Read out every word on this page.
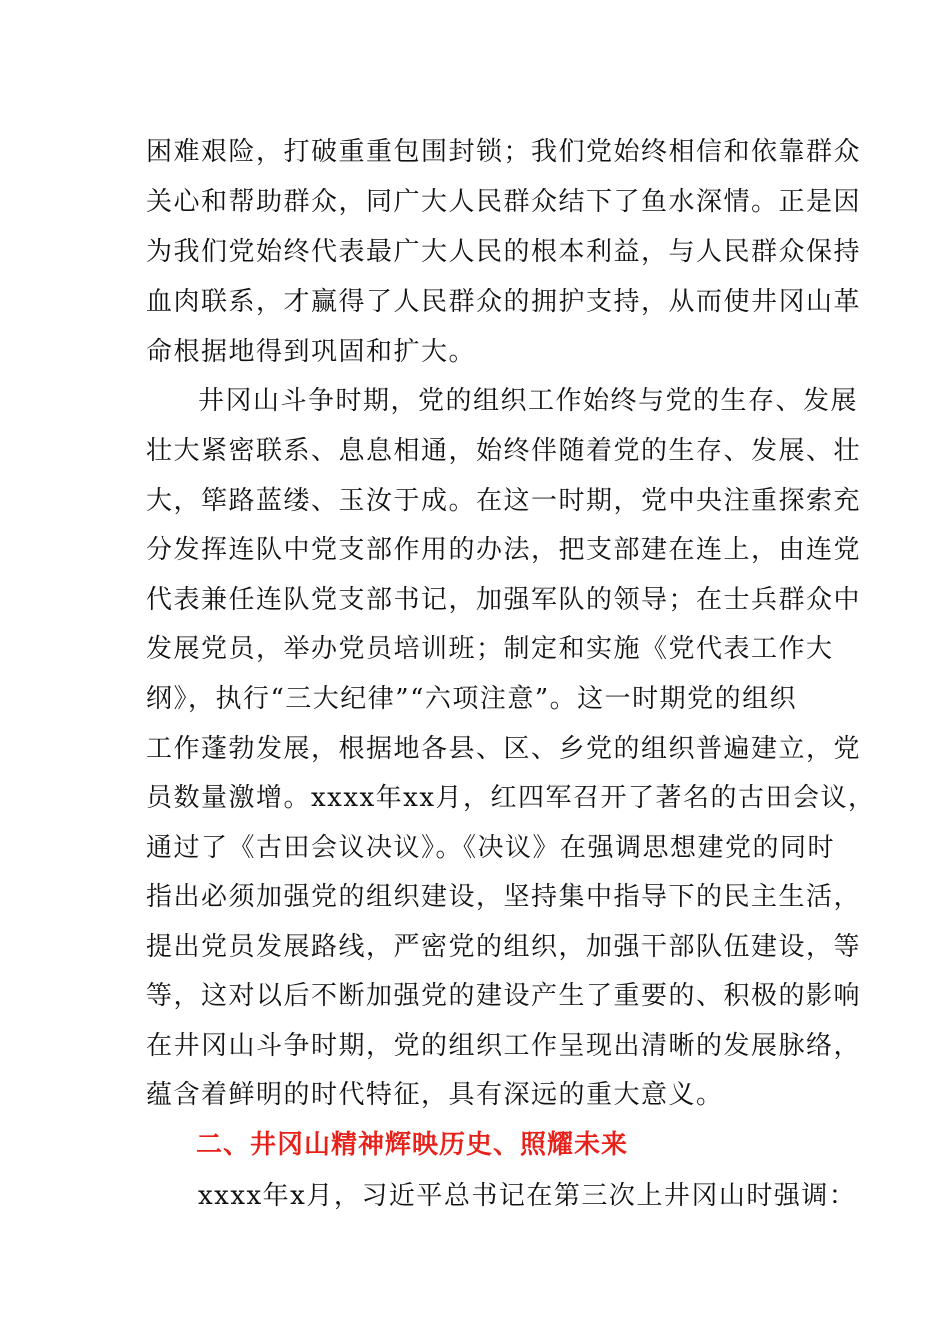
困难艰险，打破重重包围封锁；我们党始终相信和依靠群众
关心和帮助群众，同广大人民群众结下了鱼水深情。正是因
为我们党始终代表最广大人民的根本利益，与人民群众保持
血肉联系，才赢得了人民群众的拥护支持，从而使井冈山革
命根据地得到巩固和扩大。
井冈山斗争时期，党的组织工作始终与党的生存、发展
壮大紧密联系、息息相通，始终伴随着党的生存、发展、壮
大，筚路蓝缕、玉汝于成。在这一时期，党中央注重探索充
分发挥连队中党支部作用的办法，把支部建在连上，由连党
代表兼任连队党支部书记，加强军队的领导；在士兵群众中
发展党员，举办党员培训班；制定和实施《党代表工作大
纲》，执行“三大纪律”“六项注意”。这一时期党的组织
工作蓬勃发展，根据地各县、区、乡党的组织普遍建立，党
员数量激增。xxxx年xx月，红四军召开了著名的古田会议，
通过了《古田会议决议》。《决议》在强调思想建党的同时
指出必须加强党的组织建设，坚持集中指导下的民主生活，
提出党员发展路线，严密党的组织，加强干部队伍建设，等
等，这对以后不断加强党的建设产生了重要的、积极的影响
在井冈山斗争时期，党的组织工作呈现出清晰的发展脉络，
蕴含着鲜明的时代特征，具有深远的重大意义。
二、井冈山精神辉映历史、照耀未来
xxxx年x月，习近平总书记在第三次上井冈山时强调：
